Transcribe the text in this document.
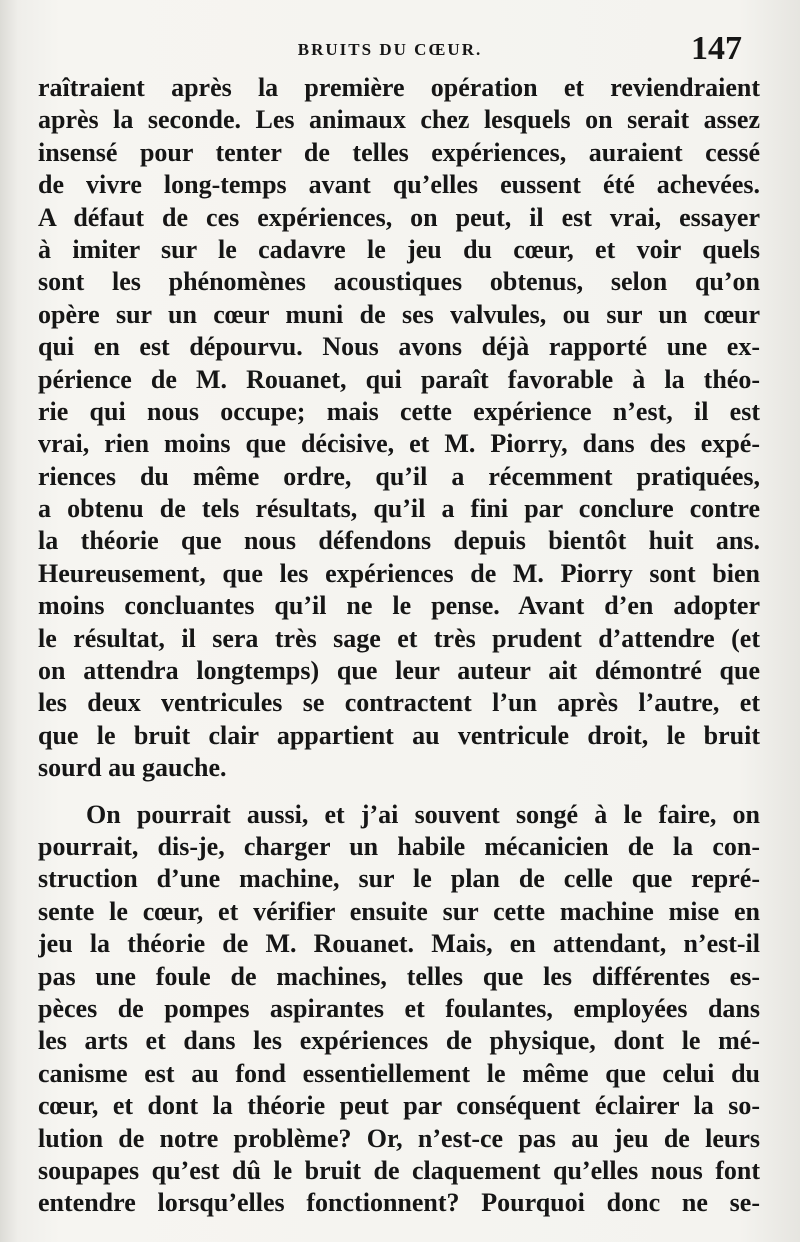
BRUITS DU CŒUR.	147
raîtraient après la première opération et reviendraient
après la seconde. Les animaux chez lesquels on serait assez
insensé pour tenter de telles expériences, auraient cessé
de vivre long-temps avant qu’elles eussent été achevées.
A défaut de ces expériences, on peut, il est vrai, essayer
à imiter sur le cadavre le jeu du cœur, et voir quels
sont les phénomènes acoustiques obtenus, selon qu’on
opère sur un cœur muni de ses valvules, ou sur un cœur
qui en est dépourvu. Nous avons déjà rapporté une ex-
périence de M. Rouanet, qui paraît favorable à la théo-
rie qui nous occupe; mais cette expérience n’est, il est
vrai, rien moins que décisive, et M. Piorry, dans des expé-
riences du même ordre, qu’il a récemment pratiquées,
a obtenu de tels résultats, qu’il a fini par conclure contre
la théorie que nous défendons depuis bientôt huit ans.
Heureusement, que les expériences de M. Piorry sont bien
moins concluantes qu’il ne le pense. Avant d’en adopter
le résultat, il sera très sage et très prudent d’attendre (et
on attendra longtemps) que leur auteur ait démontré que
les deux ventricules se contractent l’un après l’autre, et
que le bruit clair appartient au ventricule droit, le bruit
sourd au gauche.
On pourrait aussi, et j’ai souvent songé à le faire, on
pourrait, dis-je, charger un habile mécanicien de la con-
struction d’une machine, sur le plan de celle que repré-
sente le cœur, et vérifier ensuite sur cette machine mise en
jeu la théorie de M. Rouanet. Mais, en attendant, n’est-il
pas une foule de machines, telles que les différentes es-
pèces de pompes aspirantes et foulantes, employées dans
les arts et dans les expériences de physique, dont le mé-
canisme est au fond essentiellement le même que celui du
cœur, et dont la théorie peut par conséquent éclairer la so-
lution de notre problème? Or, n’est-ce pas au jeu de leurs
soupapes qu’est dû le bruit de claquement qu’elles nous font
entendre lorsqu’elles fonctionnent? Pourquoi donc ne se-
